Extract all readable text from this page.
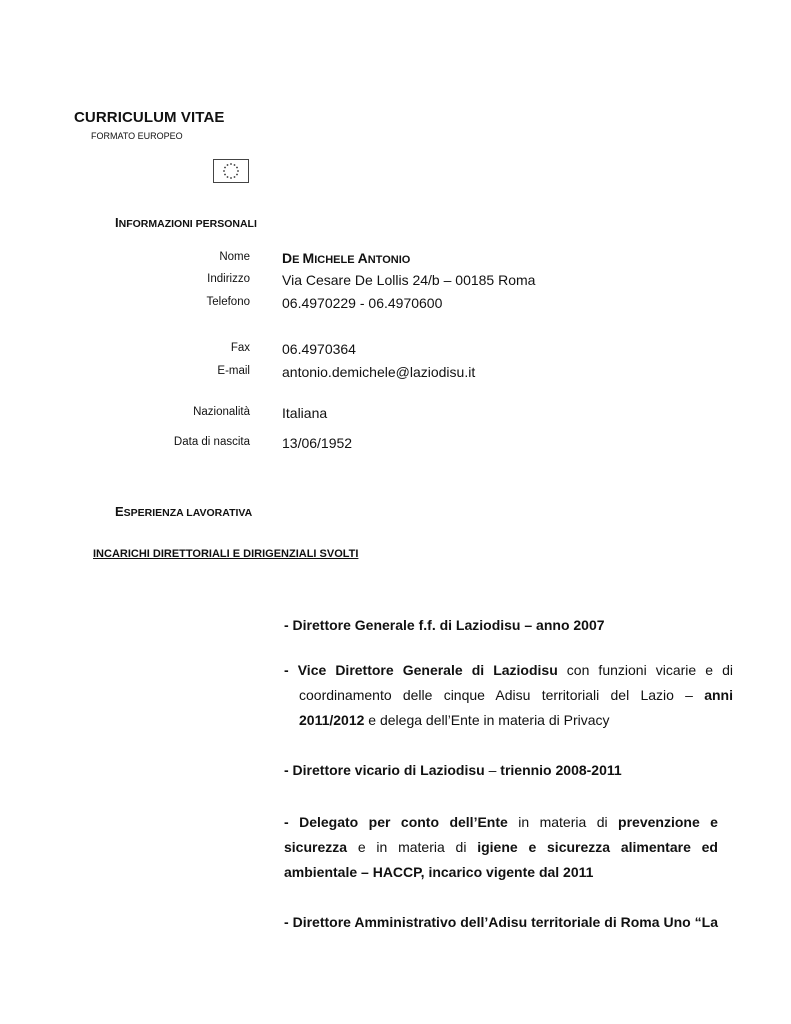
CURRICULUM VITAE
FORMATO EUROPEO
INFORMAZIONI PERSONALI
Nome DE MICHELE ANTONIO
Indirizzo Via Cesare De Lollis 24/b – 00185 Roma
Telefono 06.4970229 - 06.4970600
Fax 06.4970364
E-mail antonio.demichele@laziodisu.it
Nazionalità Italiana
Data di nascita 13/06/1952
ESPERIENZA LAVORATIVA
INCARICHI DIRETTORIALI E DIRIGENZIALI SVOLTI
- Direttore Generale f.f. di Laziodisu – anno 2007
- Vice Direttore Generale di Laziodisu con funzioni vicarie e di coordinamento delle cinque Adisu territoriali del Lazio – anni 2011/2012 e delega dell’Ente in materia di Privacy
- Direttore vicario di Laziodisu – triennio 2008-2011
- Delegato per conto dell’Ente in materia di prevenzione e sicurezza e in materia di igiene e sicurezza alimentare ed ambientale – HACCP, incarico vigente dal 2011
- Direttore Amministrativo dell’Adisu territoriale di Roma Uno “La
